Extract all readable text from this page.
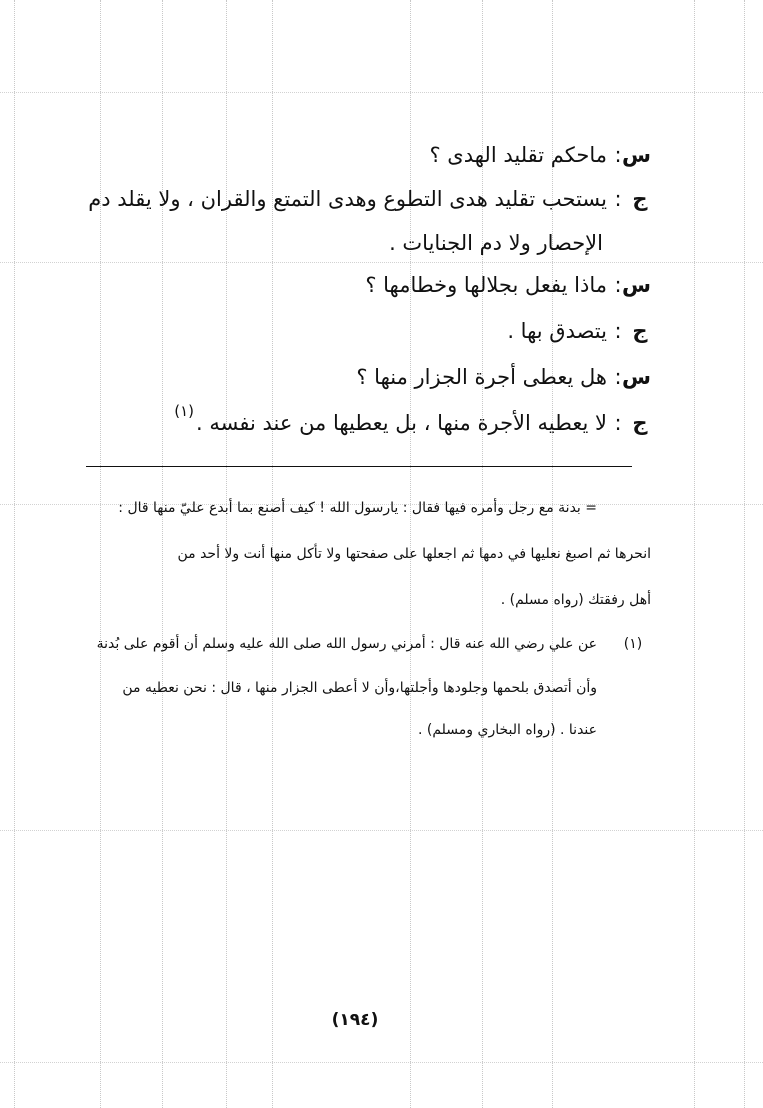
س:ماحكم تقليد الهدى ؟
ج:يستحب تقليد هدى التطوع وهدى التمتع والقران ، ولا يقلد دم
الإحصار ولا دم الجنايات .
س:ماذا يفعل بجلالها وخطامها ؟
ج:يتصدق بها .
س:هل يعطى أجرة الجزار منها ؟
ج:لا يعطيه الأجرة منها ، بل يعطيها من عند نفسه .$^{(١)}$
= بدنة مع رجل وأمره فيها فقال : يارسول الله ! كيف أصنع بما أبدع عليّ منها قال :
انحرها ثم اصبغ نعليها في دمها ثم اجعلها على صفحتها ولا تأكل منها أنت ولا أحد من
أهل رفقتك (رواه مسلم) .
(١)
عن علي رضي الله عنه قال : أمرني رسول الله صلى الله عليه وسلم أن أقوم على بُدنة
وأن أتصدق بلحمها وجلودها وأجلتها،وأن لا أعطى الجزار منها ، قال : نحن نعطيه من
عندنا . (رواه البخاري ومسلم) .
(١٩٤)
